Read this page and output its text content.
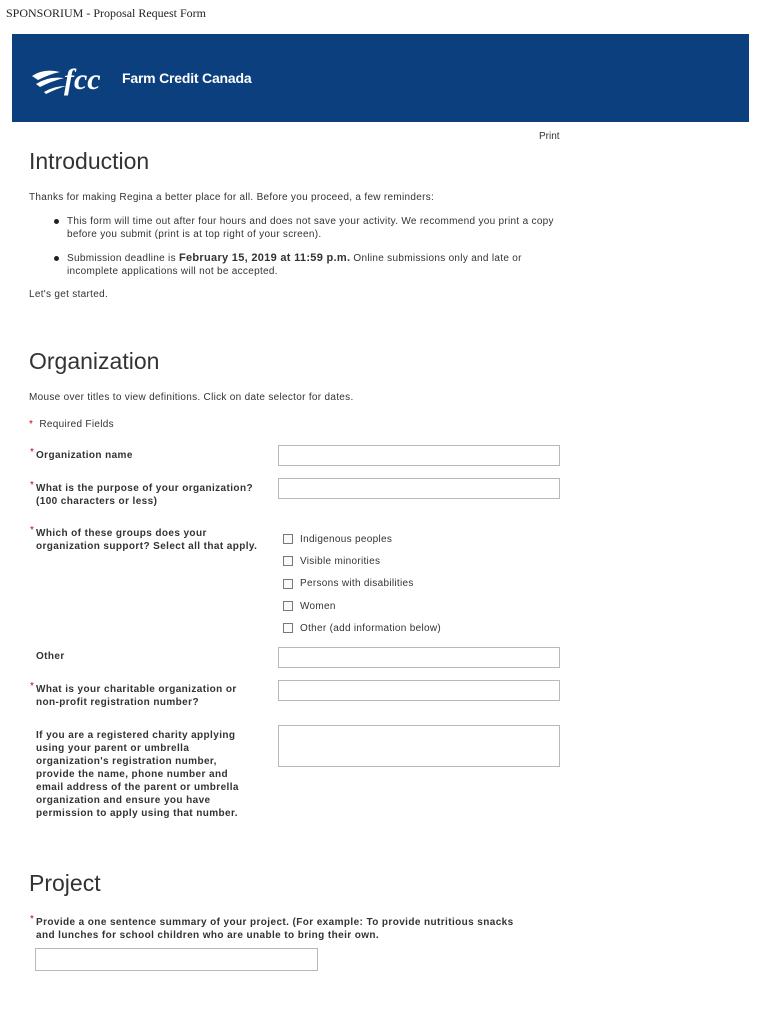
SPONSORIUM - Proposal Request Form
fcc Farm Credit Canada
Print
Introduction
Thanks for making Regina a better place for all. Before you proceed, a few reminders:
This form will time out after four hours and does not save your activity. We recommend you print a copy before you submit (print is at top right of your screen).
Submission deadline is February 15, 2019 at 11:59 p.m. Online submissions only and late or incomplete applications will not be accepted.
Let's get started.
Organization
Mouse over titles to view definitions. Click on date selector for dates.
* Required Fields
* Organization name
* What is the purpose of your organization? (100 characters or less)
* Which of these groups does your organization support? Select all that apply.
Indigenous peoples
Visible minorities
Persons with disabilities
Women
Other (add information below)
Other
* What is your charitable organization or non-profit registration number?
If you are a registered charity applying using your parent or umbrella organization's registration number, provide the name, phone number and email address of the parent or umbrella organization and ensure you have permission to apply using that number.
Project
* Provide a one sentence summary of your project. (For example: To provide nutritious snacks and lunches for school children who are unable to bring their own.
